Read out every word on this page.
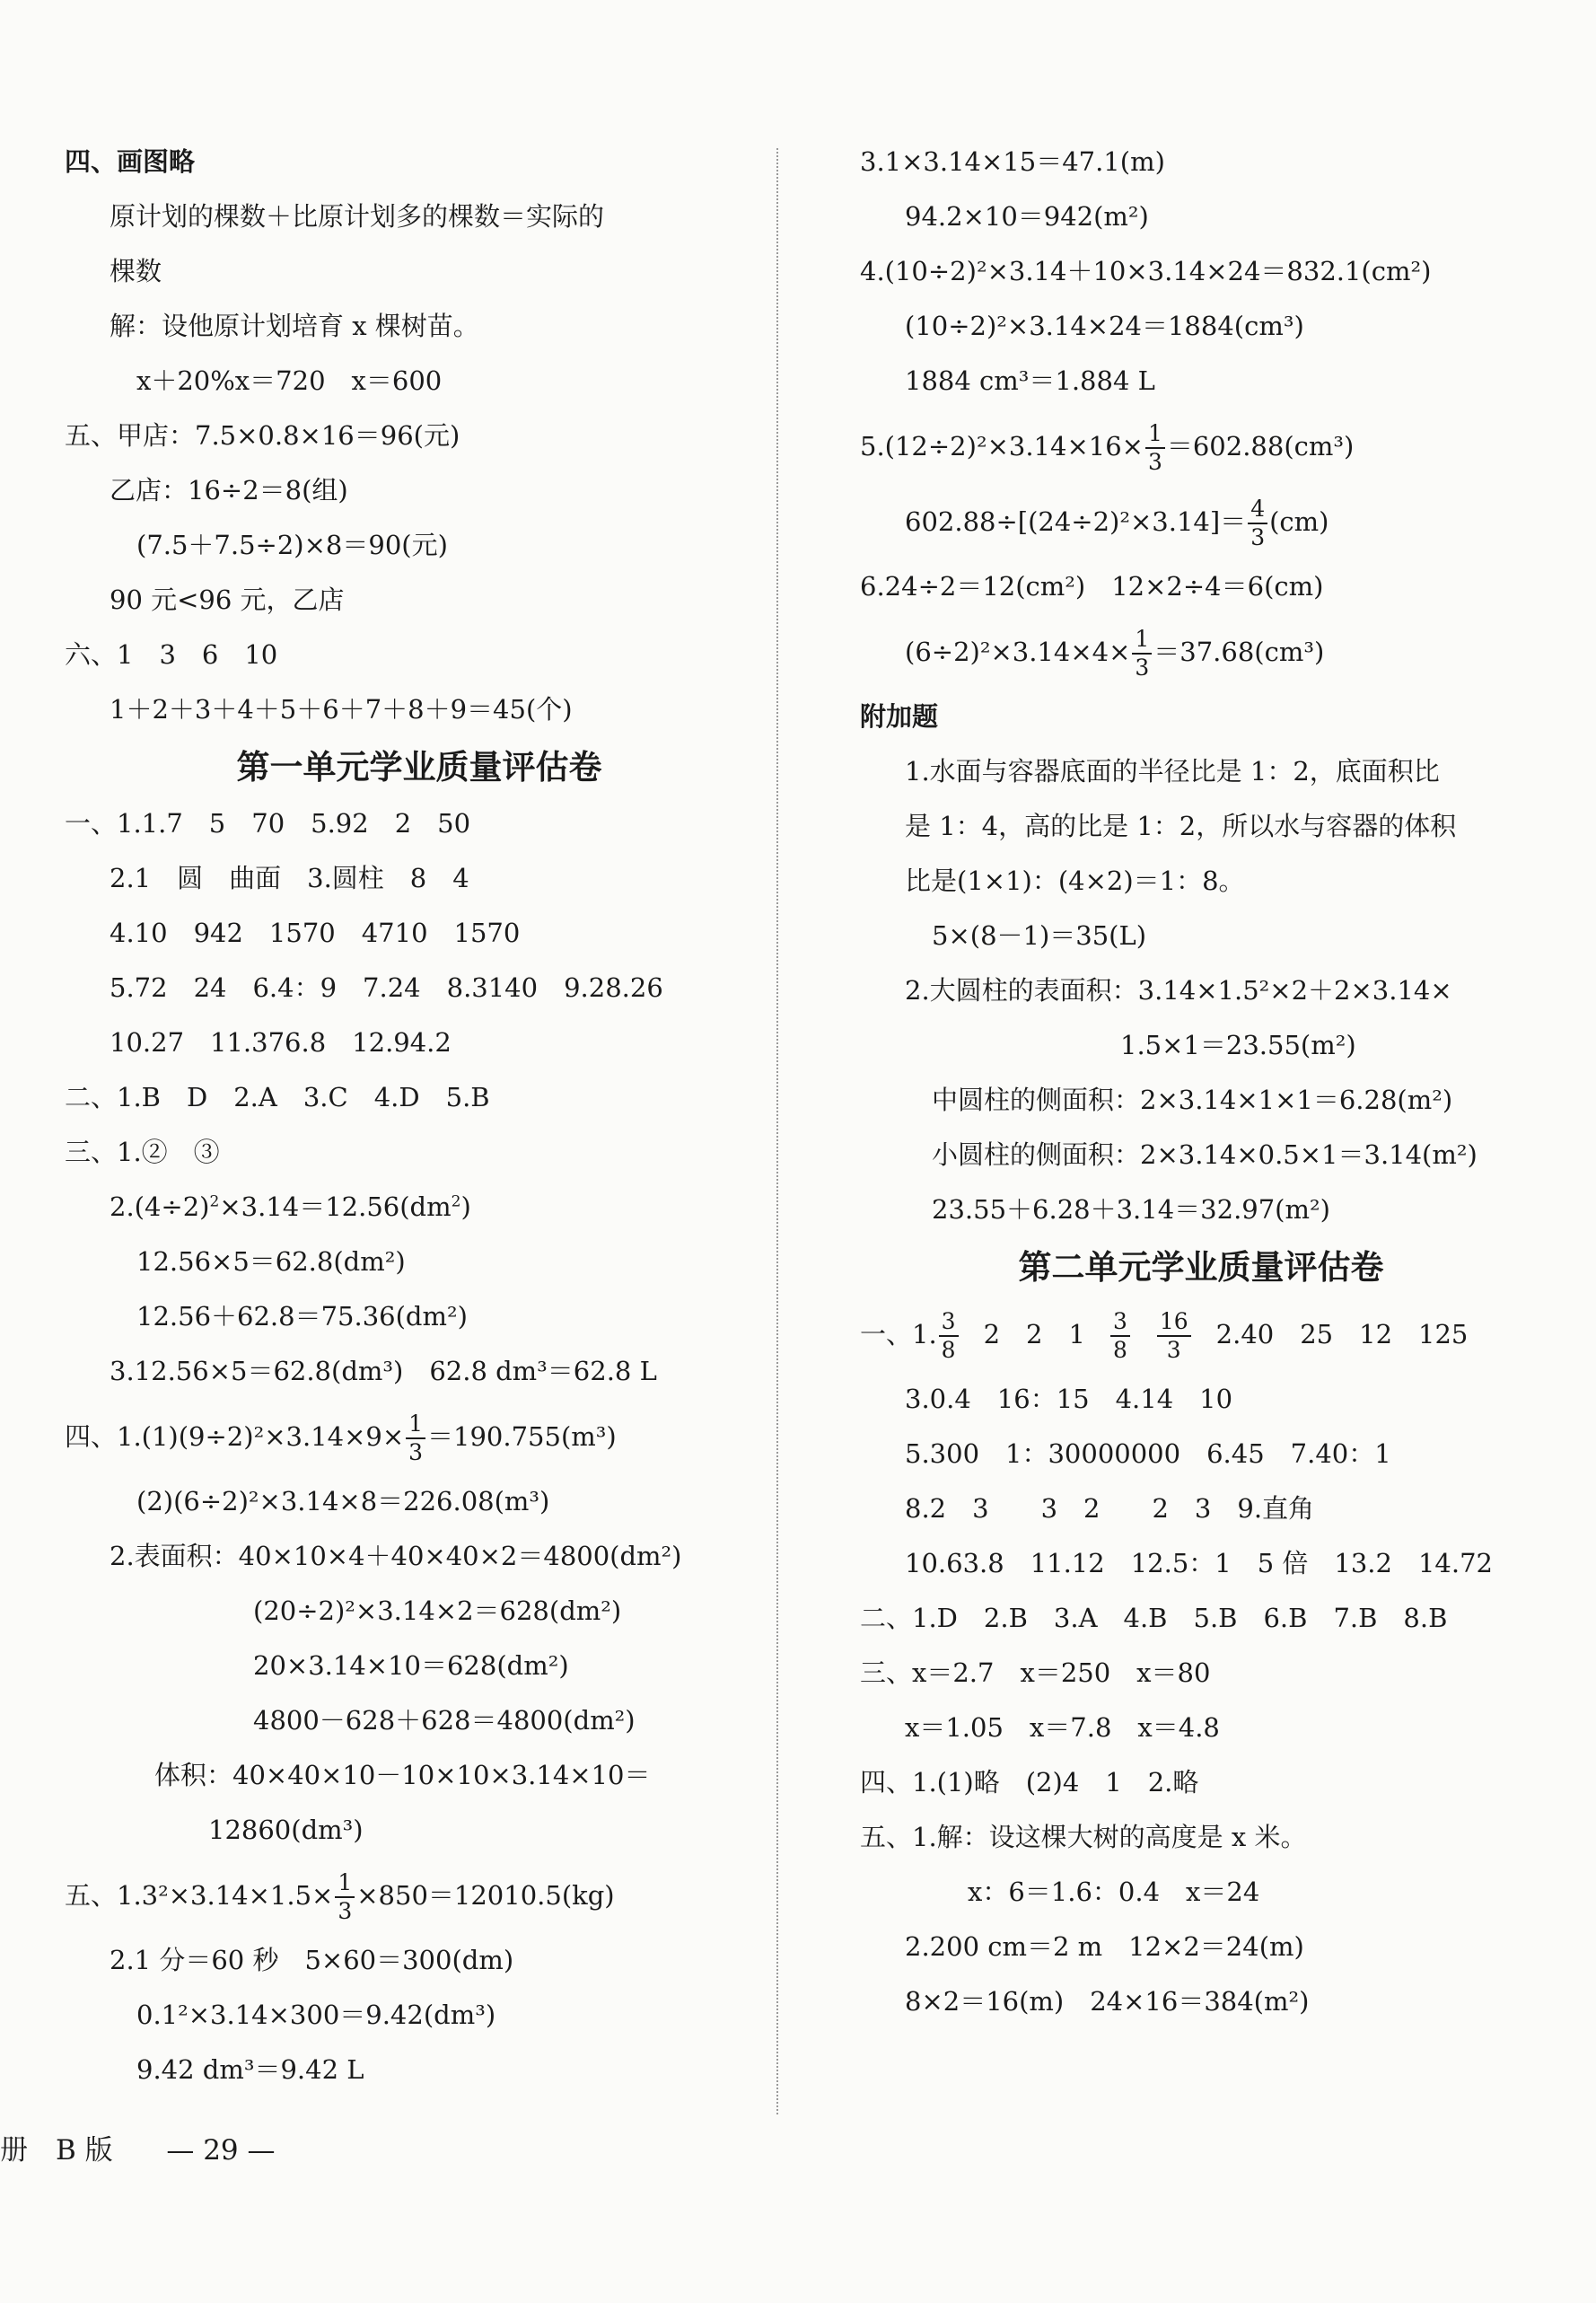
四、画图略
原计划的棵数＋比原计划多的棵数＝实际的
棵数
解：设他原计划培育 x 棵树苗。
x＋20%x＝720　x＝600
五、甲店：7.5×0.8×16＝96(元)
乙店：16÷2＝8(组)
(7.5＋7.5÷2)×8＝90(元)
90 元<96 元，乙店
六、1　3　6　10
1＋2＋3＋4＋5＋6＋7＋8＋9＝45(个)
第一单元学业质量评估卷
一、1.1.7　5　70　5.92　2　50
2.1　圆　曲面　3.圆柱　8　4
4.10　942　1570　4710　1570
5.72　24　6.4：9　7.24　8.3140　9.28.26
10.27　11.376.8　12.94.2
二、1.B　D　2.A　3.C　4.D　5.B
三、1.②　③
$2.(4\div 2)^2\times 3.14=12.56(dm^2)$
12.56×5＝62.8(dm²)
12.56＋62.8＝75.36(dm²)
3.12.56×5＝62.8(dm³)　62.8 dm³＝62.8 L
四、$1.(1)(9\div 2)^2\times 3.14\times 9\times \frac{1}{3} =190.755(m^3)$
(2)(6÷2)²×3.14×8＝226.08(m³)
2.表面积：40×10×4＋40×40×2＝4800(dm²)
(20÷2)²×3.14×2＝628(dm²)
20×3.14×10＝628(dm²)
4800－628＋628＝4800(dm²)
体积：40×40×10－10×10×3.14×10＝
12860(dm³)
五、$1.3^2\times 3.14\times 1.5\times \frac{1}{3} \times 850=12010.5(kg)$
2.1 分＝60 秒　5×60＝300(dm)
0.1²×3.14×300＝9.42(dm³)
9.42 dm³＝9.42 L
3.1×3.14×15＝47.1(m)
94.2×10＝942(m²)
4.(10÷2)²×3.14＋10×3.14×24＝832.1(cm²)
(10÷2)²×3.14×24＝1884(cm³)
1884 cm³＝1.884 L
$5.(12\div 2)^2\times 3.14\times 16\times \frac{1}{3} =602.88(cm^3)$
$602.88\div[(24\div 2)^2\times 3.14]= \frac{4}{3} (cm)$
6.24÷2＝12(cm²)　12×2÷4＝6(cm)
$(6\div 2)^2\times 3.14\times 4\times \frac{1}{3} =37.68(cm^3)$
附加题
1.水面与容器底面的半径比是 1：2，底面积比
是 1：4，高的比是 1：2，所以水与容器的体积
比是(1×1)：(4×2)＝1：8。
5×(8－1)＝35(L)
2.大圆柱的表面积：3.14×1.5²×2＋2×3.14×
1.5×1＝23.55(m²)
中圆柱的侧面积：2×3.14×1×1＝6.28(m²)
小圆柱的侧面积：2×3.14×0.5×1＝3.14(m²)
23.55＋6.28＋3.14＝32.97(m²)
第二单元学业质量评估卷
一、1. $\frac{3}{8} 2$　2　$1 \frac{3}{8} \frac{16}{3} 2.40$　25　12　125
3.0.4　16：15　4.14　10
5.300　1：30000000　6.45　7.40：1
8.2　3　　3　2　　2　3　9.直角
10.63.8　11.12　12.5：1　5 倍　13.2　14.72
二、1.D　2.B　3.A　4.B　5.B　6.B　7.B　8.B
三、x＝2.7　x＝250　x＝80
x＝1.05　x＝7.8　x＝4.8
四、1.(1)略　(2)4　1　2.略
五、1.解：设这棵大树的高度是 x 米。
x：6＝1.6：0.4　x＝24
2.200 cm＝2 m　12×2＝24(m)
8×2＝16(m)　24×16＝384(m²)
册　B 版 — 29 —
